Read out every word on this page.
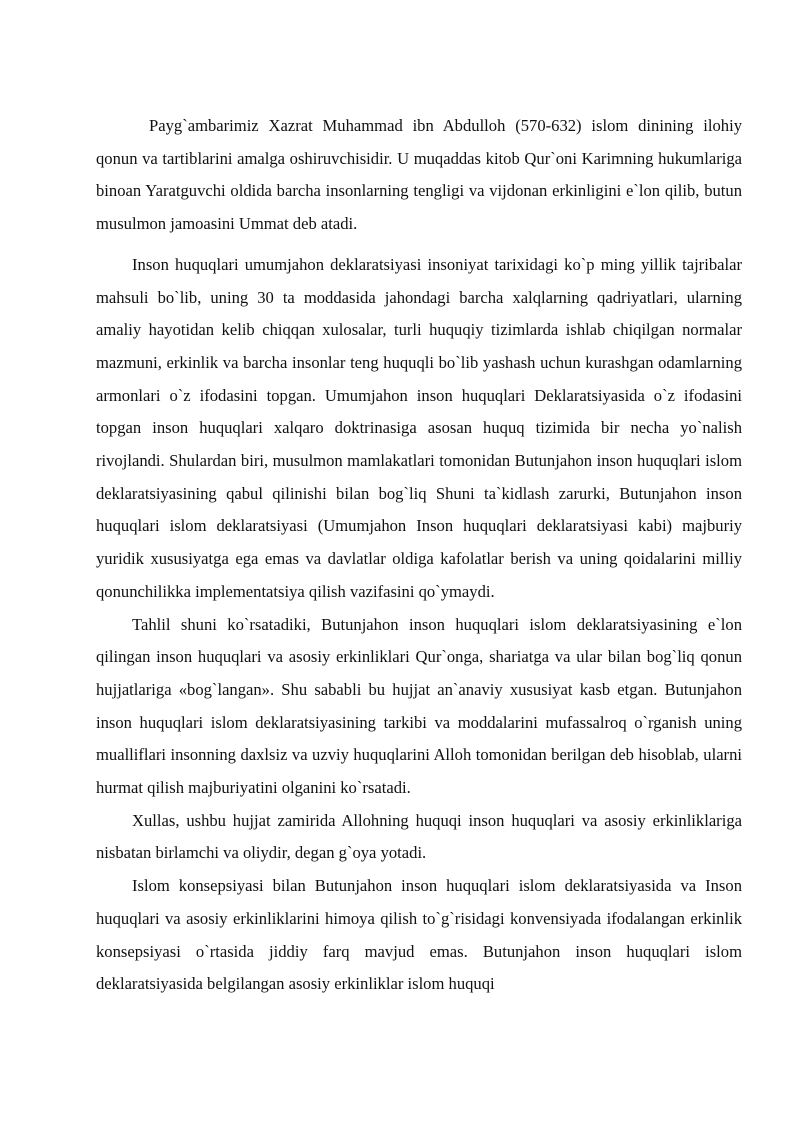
Payg`ambarimiz Xazrat Muhammad ibn Abdulloh (570-632) islom dinining ilohiy qonun va tartiblarini amalga oshiruvchisidir. U muqaddas kitob Qur`oni Karimning hukumlariga binoan Yaratguvchi oldida barcha insonlarning tengligi va vijdonan erkinligini e`lon qilib, butun musulmon jamoasini Ummat deb atadi.

Inson huquqlari umumjahon deklaratsiyasi insoniyat tarixidagi ko`p ming yillik tajribalar mahsuli bo`lib, uning 30 ta moddasida jahondagi barcha xalqlarning qadriyatlari, ularning amaliy hayotidan kelib chiqqan xulosalar, turli huquqiy tizimlarda ishlab chiqilgan normalar mazmuni, erkinlik va barcha insonlar teng huquqli bo`lib yashash uchun kurashgan odamlarning armonlari o`z ifodasini topgan. Umumjahon inson huquqlari Deklaratsiyasida o`z ifodasini topgan inson huquqlari xalqaro doktrinasiga asosan huquq tizimida bir necha yo`nalish rivojlandi. Shulardan biri, musulmon mamlakatlari tomonidan Butunjahon inson huquqlari islom deklaratsiyasining qabul qilinishi bilan bog`liq Shuni ta`kidlash zarurki, Butunjahon inson huquqlari islom deklaratsiyasi (Umumjahon Inson huquqlari deklaratsiyasi kabi) majburiy yuridik xususiyatga ega emas va davlatlar oldiga kafolatlar berish va uning qoidalarini milliy qonunchilikka implementatsiya qilish vazifasini qo`ymaydi.

Tahlil shuni ko`rsatadiki, Butunjahon inson huquqlari islom deklaratsiyasining e`lon qilingan inson huquqlari va asosiy erkinliklari Qur`onga, shariatga va ular bilan bog`liq qonun hujjatlariga «bog`langan». Shu sababli bu hujjat an`anaviy xususiyat kasb etgan. Butunjahon inson huquqlari islom deklaratsiyasining tarkibi va moddalarini mufassalroq o`rganish uning mualliflari insonning daxlsiz va uzviy huquqlarini Alloh tomonidan berilgan deb hisoblab, ularni hurmat qilish majburiyatini olganini ko`rsatadi.

Xullas, ushbu hujjat zamirida Allohning huquqi inson huquqlari va asosiy erkinliklariga nisbatan birlamchi va oliydir, degan g`oya yotadi.

Islom konsepsiyasi bilan Butunjahon inson huquqlari islom deklaratsiyasida va Inson huquqlari va asosiy erkinliklarini himoya qilish to`g`risidagi konvensiyada ifodalangan erkinlik konsepsiyasi o`rtasida jiddiy farq mavjud emas. Butunjahon inson huquqlari islom deklaratsiyasida belgilangan asosiy erkinliklar islom huquqi
